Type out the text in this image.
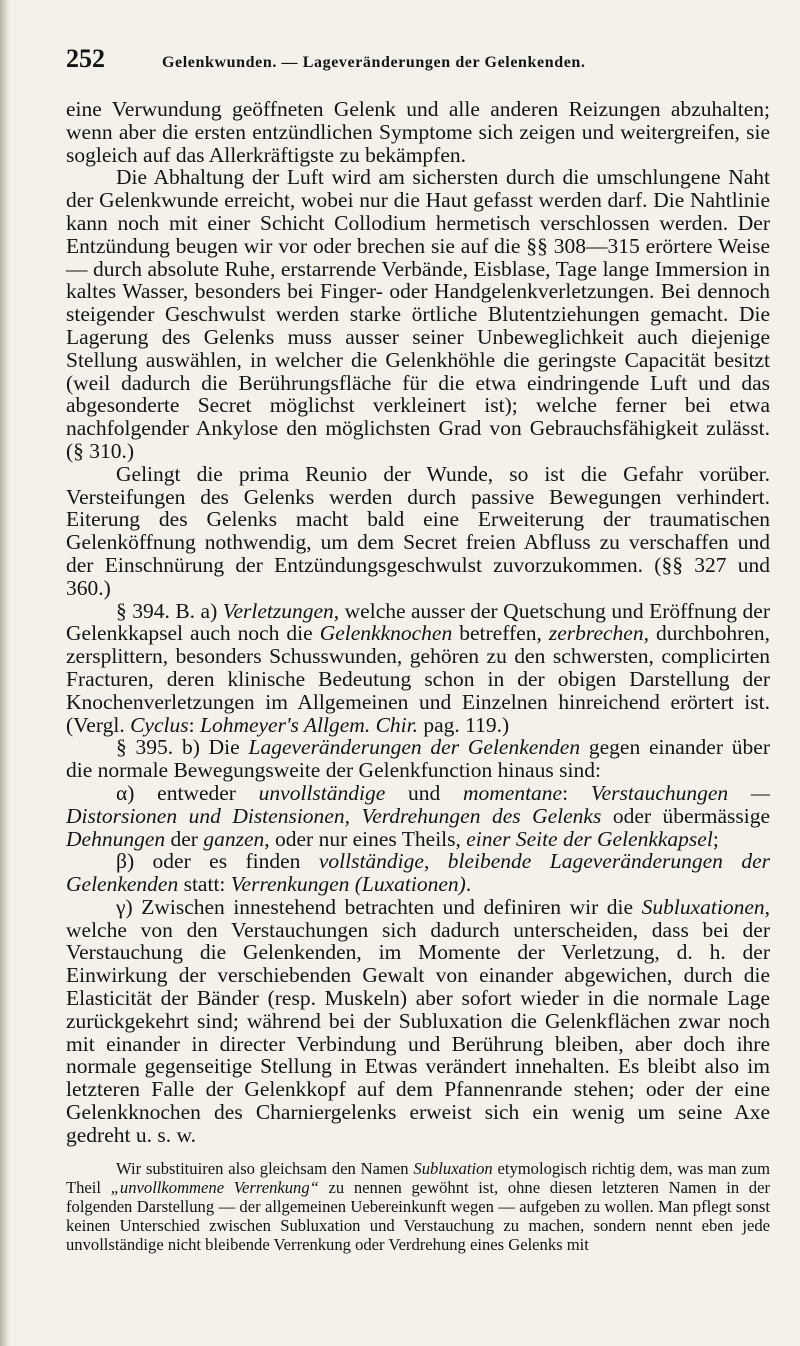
252	Gelenkwunden. — Lageveränderungen der Gelenkenden.

eine Verwundung geöffneten Gelenk und alle anderen Reizungen abzuhalten; wenn aber die ersten entzündlichen Symptome sich zeigen und weitergreifen, sie sogleich auf das Allerkräftigste zu bekämpfen.

Die Abhaltung der Luft wird am sichersten durch die umschlungene Naht der Gelenkwunde erreicht, wobei nur die Haut gefasst werden darf. Die Nahtlinie kann noch mit einer Schicht Collodium hermetisch verschlossen werden. Der Entzündung beugen wir vor oder brechen sie auf die §§ 308—315 erörtere Weise — durch absolute Ruhe, erstarrende Verbände, Eisblase, Tage lange Immersion in kaltes Wasser, besonders bei Finger- oder Handgelenkverletzungen. Bei dennoch steigender Geschwulst werden starke örtliche Blutentziehungen gemacht. Die Lagerung des Gelenks muss ausser seiner Unbeweglichkeit auch diejenige Stellung auswählen, in welcher die Gelenkhöhle die geringste Capacität besitzt (weil dadurch die Berührungsfläche für die etwa eindringende Luft und das abgesonderte Secret möglichst verkleinert ist); welche ferner bei etwa nachfolgender Ankylose den möglichsten Grad von Gebrauchsfähigkeit zulässt. (§ 310.)

Gelingt die prima Reunio der Wunde, so ist die Gefahr vorüber. Versteifungen des Gelenks werden durch passive Bewegungen verhindert. Eiterung des Gelenks macht bald eine Erweiterung der traumatischen Gelenköffnung nothwendig, um dem Secret freien Abfluss zu verschaffen und der Einschnürung der Entzündungsgeschwulst zuvorzukommen. (§§ 327 und 360.)

§ 394. B. a) Verletzungen, welche ausser der Quetschung und Eröffnung der Gelenkkapsel auch noch die Gelenkknochen betreffen, zerbrechen, durchbohren, zersplittern, besonders Schusswunden, gehören zu den schwersten, complicirten Fracturen, deren klinische Bedeutung schon in der obigen Darstellung der Knochenverletzungen im Allgemeinen und Einzelnen hinreichend erörtert ist. (Vergl. Cyclus: Lohmeyer's Allgem. Chir. pag. 119.)

§ 395. b) Die Lageveränderungen der Gelenkenden gegen einander über die normale Bewegungsweite der Gelenkfunction hinaus sind:

α) entweder unvollständige und momentane: Verstauchungen — Distorsionen und Distensionen, Verdrehungen des Gelenks oder übermässige Dehnungen der ganzen, oder nur eines Theils, einer Seite der Gelenkkapsel;

β) oder es finden vollständige, bleibende Lageveränderungen der Gelenkenden statt: Verrenkungen (Luxationen).

γ) Zwischen innestehend betrachten und definiren wir die Subluxationen, welche von den Verstauchungen sich dadurch unterscheiden, dass bei der Verstauchung die Gelenkenden, im Momente der Verletzung, d. h. der Einwirkung der verschiebenden Gewalt von einander abgewichen, durch die Elasticität der Bänder (resp. Muskeln) aber sofort wieder in die normale Lage zurückgekehrt sind; während bei der Subluxation die Gelenkflächen zwar noch mit einander in directer Verbindung und Berührung bleiben, aber doch ihre normale gegenseitige Stellung in Etwas verändert innehalten. Es bleibt also im letzteren Falle der Gelenkkopf auf dem Pfannenrande stehen; oder der eine Gelenkknochen des Charniergelenks erweist sich ein wenig um seine Axe gedreht u. s. w.

Wir substituiren also gleichsam den Namen Subluxation etymologisch richtig dem, was man zum Theil „unvollkommene Verrenkung“ zu nennen gewöhnt ist, ohne diesen letzteren Namen in der folgenden Darstellung — der allgemeinen Uebereinkunft wegen — aufgeben zu wollen. Man pflegt sonst keinen Unterschied zwischen Subluxation und Verstauchung zu machen, sondern nennt eben jede unvollständige nicht bleibende Verrenkung oder Verdrehung eines Gelenks mit
